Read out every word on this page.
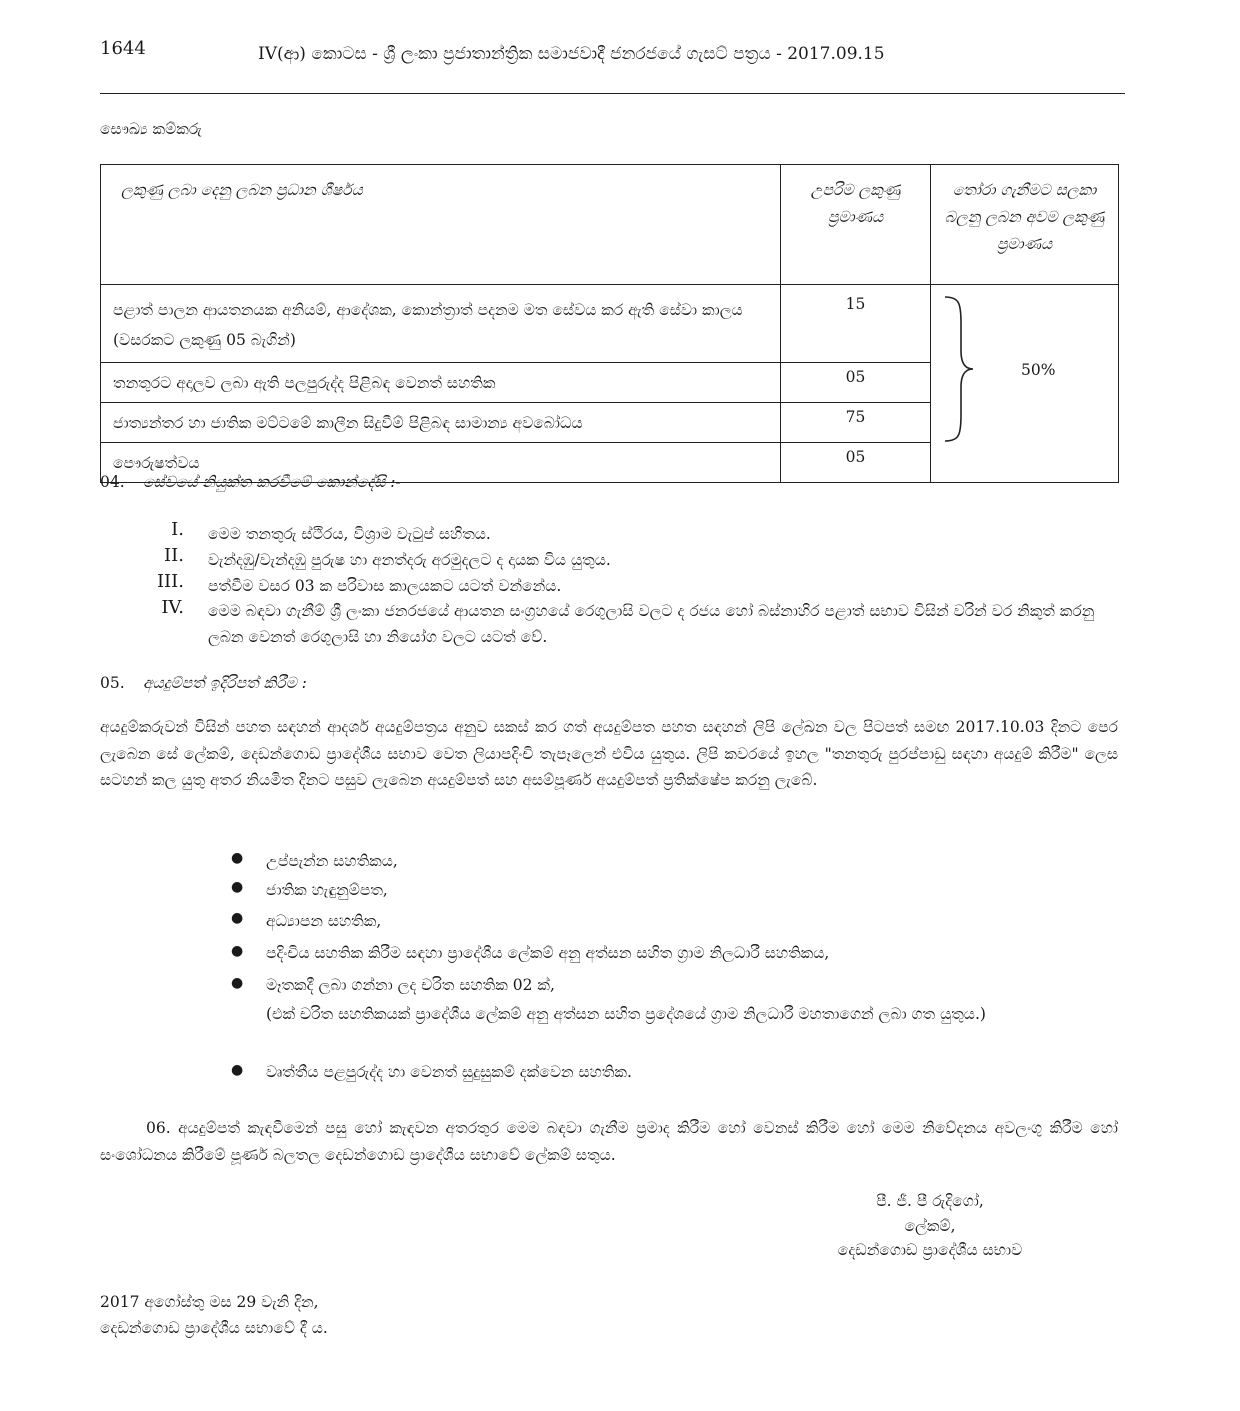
1644	IV(ආ) කොටස - ශ්‍රී ලංකා ප්‍රජාතාන්ත්‍රික සමාජවාදී ජනරජයේ ගැසට් පත්‍රය - 2017.09.15
සෞඛ්‍ය කම්කරු
ලකුණු ලබා දෙනු ලබන ප්‍රධාන ශීර්ෂය	උපරිම ලකුණු ප්‍රමාණය	තෝරා ගැනීමට සලකා බලනු ලබන අවම ලකුණු ප්‍රමාණය
පළාත් පාලන ආයතනයක අනියම්, ආදේශක, කොන්ත්‍රාත් පදනම මත සේවය කර ඇති සේවා කාලය (වසරකට ලකුණු 05 බැගින්)	15	50%

තනතුරට අදාලව ලබා ඇති පලපුරුද්ද පිළිබඳ වෙනත් සහතික	05	
ජාත්‍යන්තර හා ජාතික මට්ටමේ කාලීන සිදුවීම් පිළිබඳ සාමාන්‍ය අවබෝධය	75	
පෞරුෂත්වය	05	
04. සේවයේ නියුක්ත කරවීමේ කොන්දේසි :-
I. මෙම තනතුරු ස්ථිරය, විශ්‍රාම වැටුප් සහිතය.
II. වැන්දඹු/වැන්දඹු පුරුෂ හා අනත්දරු අරමුදලට ද දායක විය යුතුය.
III. පත්වීම වසර 03 ක පරිවාස කාලයකට යටත් වන්නේය.
IV. මෙම බඳවා ගැනීම් ශ්‍රී ලංකා ජනරජයේ ආයතන සංග්‍රහයේ රෙගුලාසි වලට ද රජය හෝ බස්නාහිර පළාත් සභාව විසින් වරින් වර නිකුත් කරනු ලබන වෙනත් රෙගුලාසි හා නියෝග වලට යටත් වේ.
05. අයදුම්පත් ඉදිරිපත් කිරීම :
අයදුම්කරුවන් විසින් පහත සඳහන් ආදර්ශ අයදුම්පත්‍රය අනුව සකස් කර ගත් අයදුම්පත පහත සඳහන් ලිපි ලේඛන වල පිටපත් සමඟ 2017.10.03 දිනට පෙර ලැබෙන සේ ලේකම්, දෙඩන්ගොඩ ප්‍රාදේශීය සභාව වෙත ලියාපදිංචි තැපෑලෙන් එවිය යුතුය. ලිපි කවරයේ ඉහල "තනතුරු පුරප්පාඩු සඳහා අයදුම් කිරීම" ලෙස සටහන් කල යුතු අතර නියමිත දිනට පසුව ලැබෙන අයදුම්පත් සහ අසම්පූර්ණ අයදුම්පත් ප්‍රතික්ෂේප කරනු ලැබේ.
● උප්පැන්න සහතිකය,
● ජාතික හැඳුනුම්පත,
● අධ්‍යාපන සහතික,
● පදිංචිය සහතික කිරීම සඳහා ප්‍රාදේශීය ලේකම් අනු අත්සන සහිත ග්‍රාම නිලධාරී සහතිකය,
● මෑතකදී ලබා ගන්නා ලද චරිත සහතික 02 ක්,
(එක් චරිත සහතිකයක් ප්‍රාදේශීය ලේකම් අනු අත්සන සහිත ප්‍රදේශයේ ග්‍රාම නිලධාරී මහතාගෙන් ලබා ගත යුතුය.)
● වෘත්තීය පළපුරුද්ද හා වෙනත් සුදුසුකම් දක්වෙන සහතික.
06. අයදුම්පත් කැඳවීමෙන් පසු හෝ කැඳවන අතරතුර මෙම බඳවා ගැනීම ප්‍රමාද කිරීම හෝ වෙනස් කිරීම හෝ මෙම නිවේදනය අවලංගු කිරීම හෝ සංශෝධනය කිරීමේ පූර්ණ බලතල දෙඩන්ගොඩ ප්‍රාදේශීය සභාවේ ලේකම් සතුය.
පී. ජී. පී රුදිගෝ,
ලේකම්,
දෙඩන්ගොඩ ප්‍රාදේශීය සභාව
2017 අගෝස්තු මස 29 වැනි දින,
දෙඩන්ගොඩ ප්‍රාදේශීය සභාවේ දී ය.
